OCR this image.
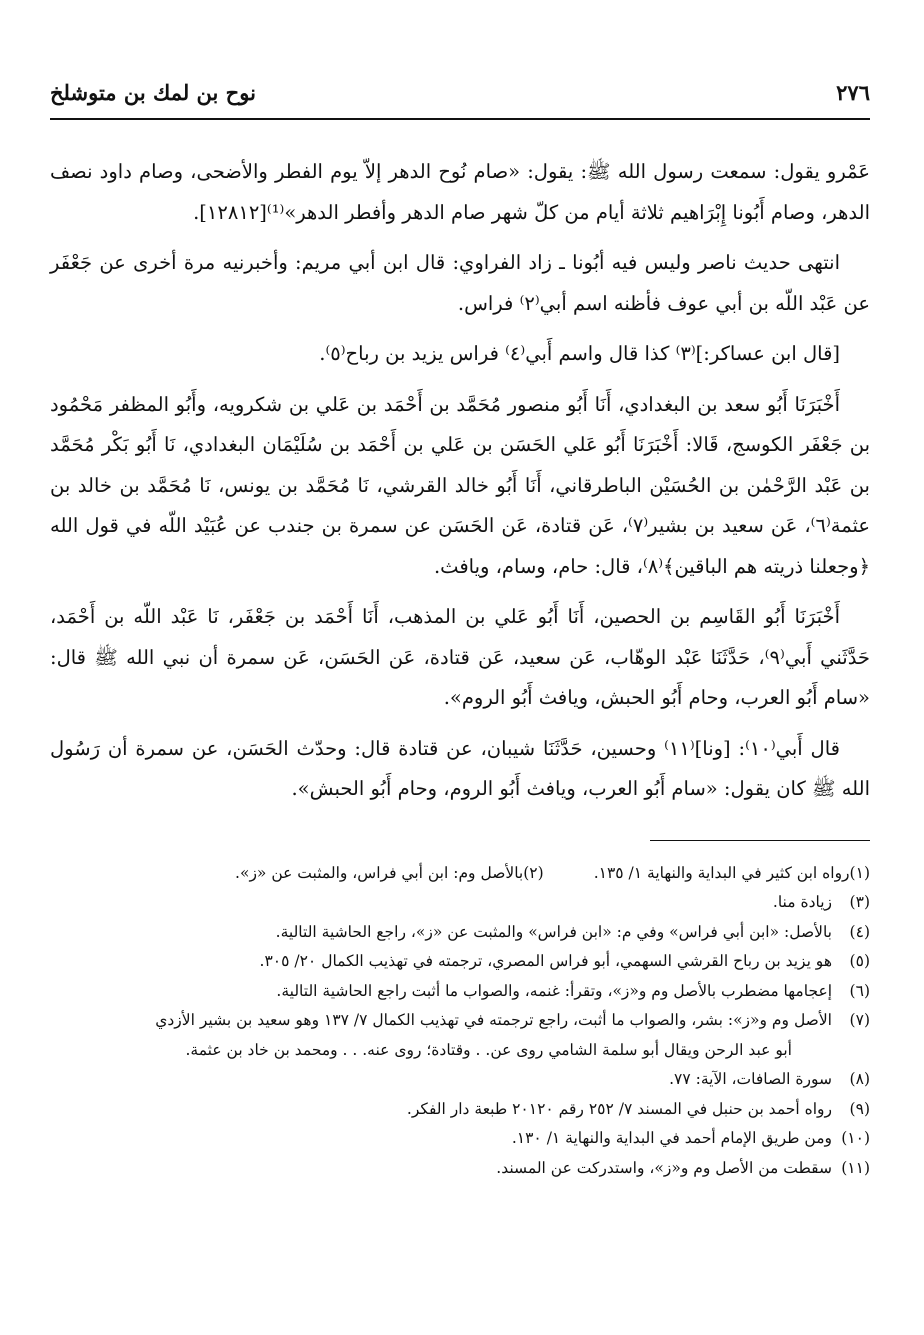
٢٧٦
نوح بن لمك بن متوشلخ

عَمْرو يقول: سمعت رسول الله ﷺ: يقول: «صام نُوح الدهر إلاّ يوم الفطر والأضحى، وصام داود نصف الدهر، وصام أَبُونا إِبْرَاهيم ثلاثة أيام من كلّ شهر صام الدهر وأفطر الدهر»⁽¹⁾[١٢٨١٢].

انتهى حديث ناصر وليس فيه أبُونا ـ زاد الفراوي: قال ابن أبي مريم: وأخبرنيه مرة أخرى عن جَعْفَر عن عَبْد اللّه بن أبي عوف فأظنه اسم أبي⁽٢⁾ فراس.

[قال ابن عساكر:]⁽٣⁾ كذا قال واسم أَبي⁽٤⁾ فراس يزيد بن رباح⁽٥⁾.

أَخْبَرَنَا أَبُو سعد بن البغدادي، أَنَا أَبُو منصور مُحَمَّد بن أَحْمَد بن عَلي بن شكرويه، وأَبُو المظفر مَحْمُود بن جَعْفَر الكوسج، قَالا: أَخْبَرَنَا أَبُو عَلي الحَسَن بن عَلي بن أَحْمَد بن سُلَيْمَان البغدادي، نَا أَبُو بَكْر مُحَمَّد بن عَبْد الرَّحْمٰن بن الحُسَيْن الباطرقاني، أَنَا أَبُو خالد القرشي، نَا مُحَمَّد بن يونس، نَا مُحَمَّد بن خالد بن عثمة⁽٦⁾، عَن سعيد بن بشير⁽٧⁾، عَن قتادة، عَن الحَسَن عن سمرة بن جندب عن عُبَيْد اللّه في قول الله ﴿وجعلنا ذريته هم الباقين﴾⁽٨⁾، قال: حام، وسام، ويافث.

أَخْبَرَنَا أَبُو القَاسِم بن الحصين، أَنَا أَبُو عَلي بن المذهب، أَنَا أَحْمَد بن جَعْفَر، نَا عَبْد اللّه بن أَحْمَد، حَدَّثَني أَبي⁽٩⁾، حَدَّثَنَا عَبْد الوهّاب، عَن سعيد، عَن قتادة، عَن الحَسَن، عَن سمرة أن نبي الله ﷺ قال: «سام أَبُو العرب، وحام أَبُو الحبش، ويافث أَبُو الروم».

قال أَبي⁽١٠⁾: [ونا]⁽١١⁾ وحسين، حَدَّثَنَا شيبان، عن قتادة قال: وحدّث الحَسَن، عن سمرة أن رَسُول الله ﷺ كان يقول: «سام أَبُو العرب، ويافث أَبُو الروم، وحام أَبُو الحبش».

(١)
رواه ابن كثير في البداية والنهاية ١/ ١٣٥.
(٢)
بالأصل وم: ابن أبي فراس، والمثبت عن «ز».
(٣)
زيادة منا.
(٤)
بالأصل: «ابن أبي فراس» وفي م: «ابن فراس» والمثبت عن «ز»، راجع الحاشية التالية.
(٥)
هو يزيد بن رباح القرشي السهمي، أبو فراس المصري، ترجمته في تهذيب الكمال ٢٠/ ٣٠٥.
(٦)
إعجامها مضطرب بالأصل وم و«ز»، وتقرأ: غنمه، والصواب ما أثبت راجع الحاشية التالية.
(٧)
الأصل وم و«ز»: بشر، والصواب ما أثبت، راجع ترجمته في تهذيب الكمال ٧/ ١٣٧ وهو سعيد بن بشير الأزدي
أبو عبد الرحن ويقال أبو سلمة الشامي روى عن. . وقتادة؛ روى عنه. . . ومحمد بن خاد بن عثمة.
(٨)
سورة الصافات، الآية: ٧٧.
(٩)
رواه أحمد بن حنبل في المسند ٧/ ٢٥٢ رقم ٢٠١٢٠ طبعة دار الفكر.
(١٠)
ومن طريق الإمام أحمد في البداية والنهاية ١/ ١٣٠.
(١١)
سقطت من الأصل وم و«ز»، واستدركت عن المسند.
